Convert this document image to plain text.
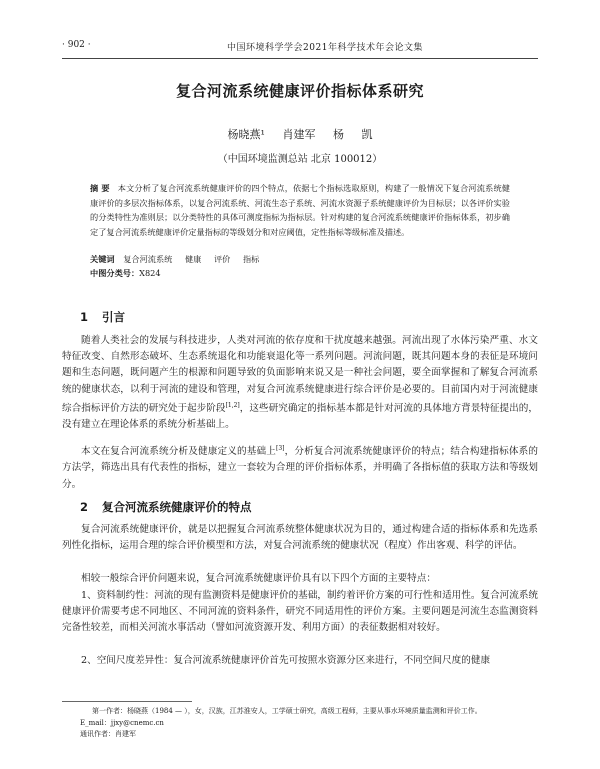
· 902 ·	中国环境科学学会2021年科学技术年会论文集
复合河流系统健康评价指标体系研究
杨晓燕¹ 肖建军 杨 凯
（中国环境监测总站 北京 100012）
摘 要 本文分析了复合河流系统健康评价的四个特点，依据七个指标选取原则，构建了一般情况下复合河流系统健康评价的多层次指标体系，以复合河流系统、河流生态子系统、河流水资源子系统健康评价为目标层；以各评价实验的分类特性为准则层；以分类特性的具体可测度指标为指标层。针对构建的复合河流系统健康评价指标体系，初步确定了复合河流系统健康评价定量指标的等级划分和对应阈值，定性指标等级标准及描述。
关键词 复合河流系统 健康 评价 指标
中图分类号：X824
1 引言
随着人类社会的发展与科技进步，人类对河流的依存度和干扰度越来越强。河流出现了水体污染严重、水文特征改变、自然形态破坏、生态系统退化和功能衰退化等一系列问题。河流问题，既其问题本身的表征是环境问题和生态问题，既问题产生的根源和问题导致的负面影响来说又是一种社会问题，要全面掌握和了解复合河流系统的健康状态，以利于河流的建设和管理，对复合河流系统健康进行综合评价是必要的。目前国内对于河流健康综合指标评价方法的研究处于起步阶段[1,2]，这些研究确定的指标基本都是针对河流的具体地方背景特征提出的，没有建立在理论体系的系统分析基础上。
本文在复合河流系统分析及健康定义的基础上[3]，分析复合河流系统健康评价的特点；结合构建指标体系的方法学，筛选出具有代表性的指标，建立一套较为合理的评价指标体系，并明确了各指标值的获取方法和等级划分。
2 复合河流系统健康评价的特点
复合河流系统健康评价，就是以把握复合河流系统整体健康状况为目的，通过构建合适的指标体系和先选系列性化指标，运用合理的综合评价模型和方法，对复合河流系统的健康状况（程度）作出客观、科学的评估。
相较一般综合评价问题来说，复合河流系统健康评价具有以下四个方面的主要特点：
1、资料制约性：河流的现有监测资料是健康评价的基础，制约着评价方案的可行性和适用性。复合河流系统健康评价需要考虑不同地区、不同河流的资料条件，研究不同适用性的评价方案。主要问题是河流生态监测资料完备性较差，而相关河流水事活动（譬如河流资源开发、利用方面）的表征数据相对较好。
2、空间尺度差异性：复合河流系统健康评价首先可按照水资源分区来进行，不同空间尺度的健康
第一作者：杨晓燕（1984 — ），女，汉族，江苏淮安人，工学硕士研究，高级工程师，主要从事水环境质量监测和评价工作。
E_mail：jjxy@cnemc.cn
通讯作者：肖建军
